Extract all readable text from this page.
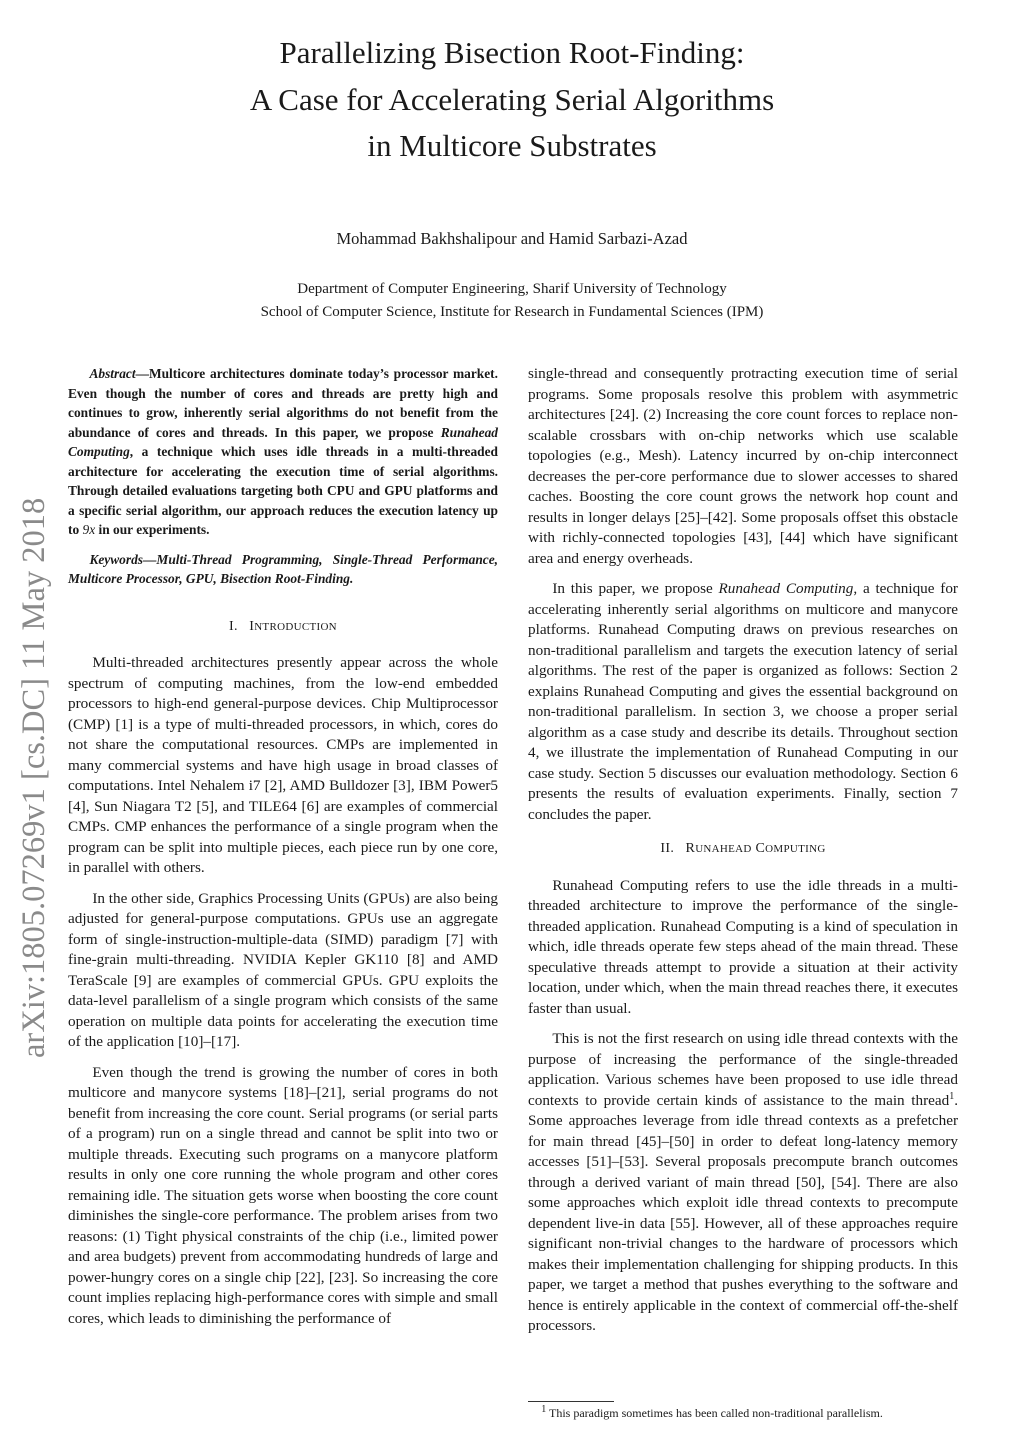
Parallelizing Bisection Root-Finding:
A Case for Accelerating Serial Algorithms
in Multicore Substrates
Mohammad Bakhshalipour and Hamid Sarbazi-Azad
Department of Computer Engineering, Sharif University of Technology
School of Computer Science, Institute for Research in Fundamental Sciences (IPM)
arXiv:1805.07269v1 [cs.DC] 11 May 2018
Abstract—Multicore architectures dominate today’s processor market. Even though the number of cores and threads are pretty high and continues to grow, inherently serial algorithms do not benefit from the abundance of cores and threads. In this paper, we propose Runahead Computing, a technique which uses idle threads in a multi-threaded architecture for accelerating the execution time of serial algorithms. Through detailed evaluations targeting both CPU and GPU platforms and a specific serial algorithm, our approach reduces the execution latency up to 9x in our experiments.
Keywords—Multi-Thread Programming, Single-Thread Performance, Multicore Processor, GPU, Bisection Root-Finding.
I. INTRODUCTION

Multi-threaded architectures presently appear across the whole spectrum of computing machines, from the low-end embedded processors to high-end general-purpose devices. Chip Multiprocessor (CMP) [1] is a type of multi-threaded processors, in which, cores do not share the computational resources. CMPs are implemented in many commercial systems and have high usage in broad classes of computations. Intel Nehalem i7 [2], AMD Bulldozer [3], IBM Power5 [4], Sun Niagara T2 [5], and TILE64 [6] are examples of commercial CMPs. CMP enhances the performance of a single program when the program can be split into multiple pieces, each piece run by one core, in parallel with others.

In the other side, Graphics Processing Units (GPUs) are also being adjusted for general-purpose computations. GPUs use an aggregate form of single-instruction-multiple-data (SIMD) paradigm [7] with fine-grain multi-threading. NVIDIA Kepler GK110 [8] and AMD TeraScale [9] are examples of commercial GPUs. GPU exploits the data-level parallelism of a single program which consists of the same operation on multiple data points for accelerating the execution time of the application [10]–[17].

Even though the trend is growing the number of cores in both multicore and manycore systems [18]–[21], serial programs do not benefit from increasing the core count. Serial programs (or serial parts of a program) run on a single thread and cannot be split into two or multiple threads. Executing such programs on a manycore platform results in only one core running the whole program and other cores remaining idle. The situation gets worse when boosting the core count diminishes the single-core performance. The problem arises from two reasons: (1) Tight physical constraints of the chip (i.e., limited power and area budgets) prevent from accommodating hundreds of large and power-hungry cores on a single chip [22], [23]. So increasing the core count implies replacing high-performance cores with simple and small cores, which leads to diminishing the performance of

single-thread and consequently protracting execution time of serial programs. Some proposals resolve this problem with asymmetric architectures [24]. (2) Increasing the core count forces to replace non-scalable crossbars with on-chip networks which use scalable topologies (e.g., Mesh). Latency incurred by on-chip interconnect decreases the per-core performance due to slower accesses to shared caches. Boosting the core count grows the network hop count and results in longer delays [25]–[42]. Some proposals offset this obstacle with richly-connected topologies [43], [44] which have significant area and energy overheads.

In this paper, we propose Runahead Computing, a technique for accelerating inherently serial algorithms on multicore and manycore platforms. Runahead Computing draws on previous researches on non-traditional parallelism and targets the execution latency of serial algorithms. The rest of the paper is organized as follows: Section 2 explains Runahead Computing and gives the essential background on non-traditional parallelism. In section 3, we choose a proper serial algorithm as a case study and describe its details. Throughout section 4, we illustrate the implementation of Runahead Computing in our case study. Section 5 discusses our evaluation methodology. Section 6 presents the results of evaluation experiments. Finally, section 7 concludes the paper.

II. RUNAHEAD COMPUTING

Runahead Computing refers to use the idle threads in a multi-threaded architecture to improve the performance of the single-threaded application. Runahead Computing is a kind of speculation in which, idle threads operate few steps ahead of the main thread. These speculative threads attempt to provide a situation at their activity location, under which, when the main thread reaches there, it executes faster than usual.

This is not the first research on using idle thread contexts with the purpose of increasing the performance of the single-threaded application. Various schemes have been proposed to use idle thread contexts to provide certain kinds of assistance to the main thread$^1$. Some approaches leverage from idle thread contexts as a prefetcher for main thread [45]–[50] in order to defeat long-latency memory accesses [51]–[53]. Several proposals precompute branch outcomes through a derived variant of main thread [50], [54]. There are also some approaches which exploit idle thread contexts to precompute dependent live-in data [55]. However, all of these approaches require significant non-trivial changes to the hardware of processors which makes their implementation challenging for shipping products. In this paper, we target a method that pushes everything to the software and hence is entirely applicable in the context of commercial off-the-shelf processors.

$^1$ This paradigm sometimes has been called non-traditional parallelism.
